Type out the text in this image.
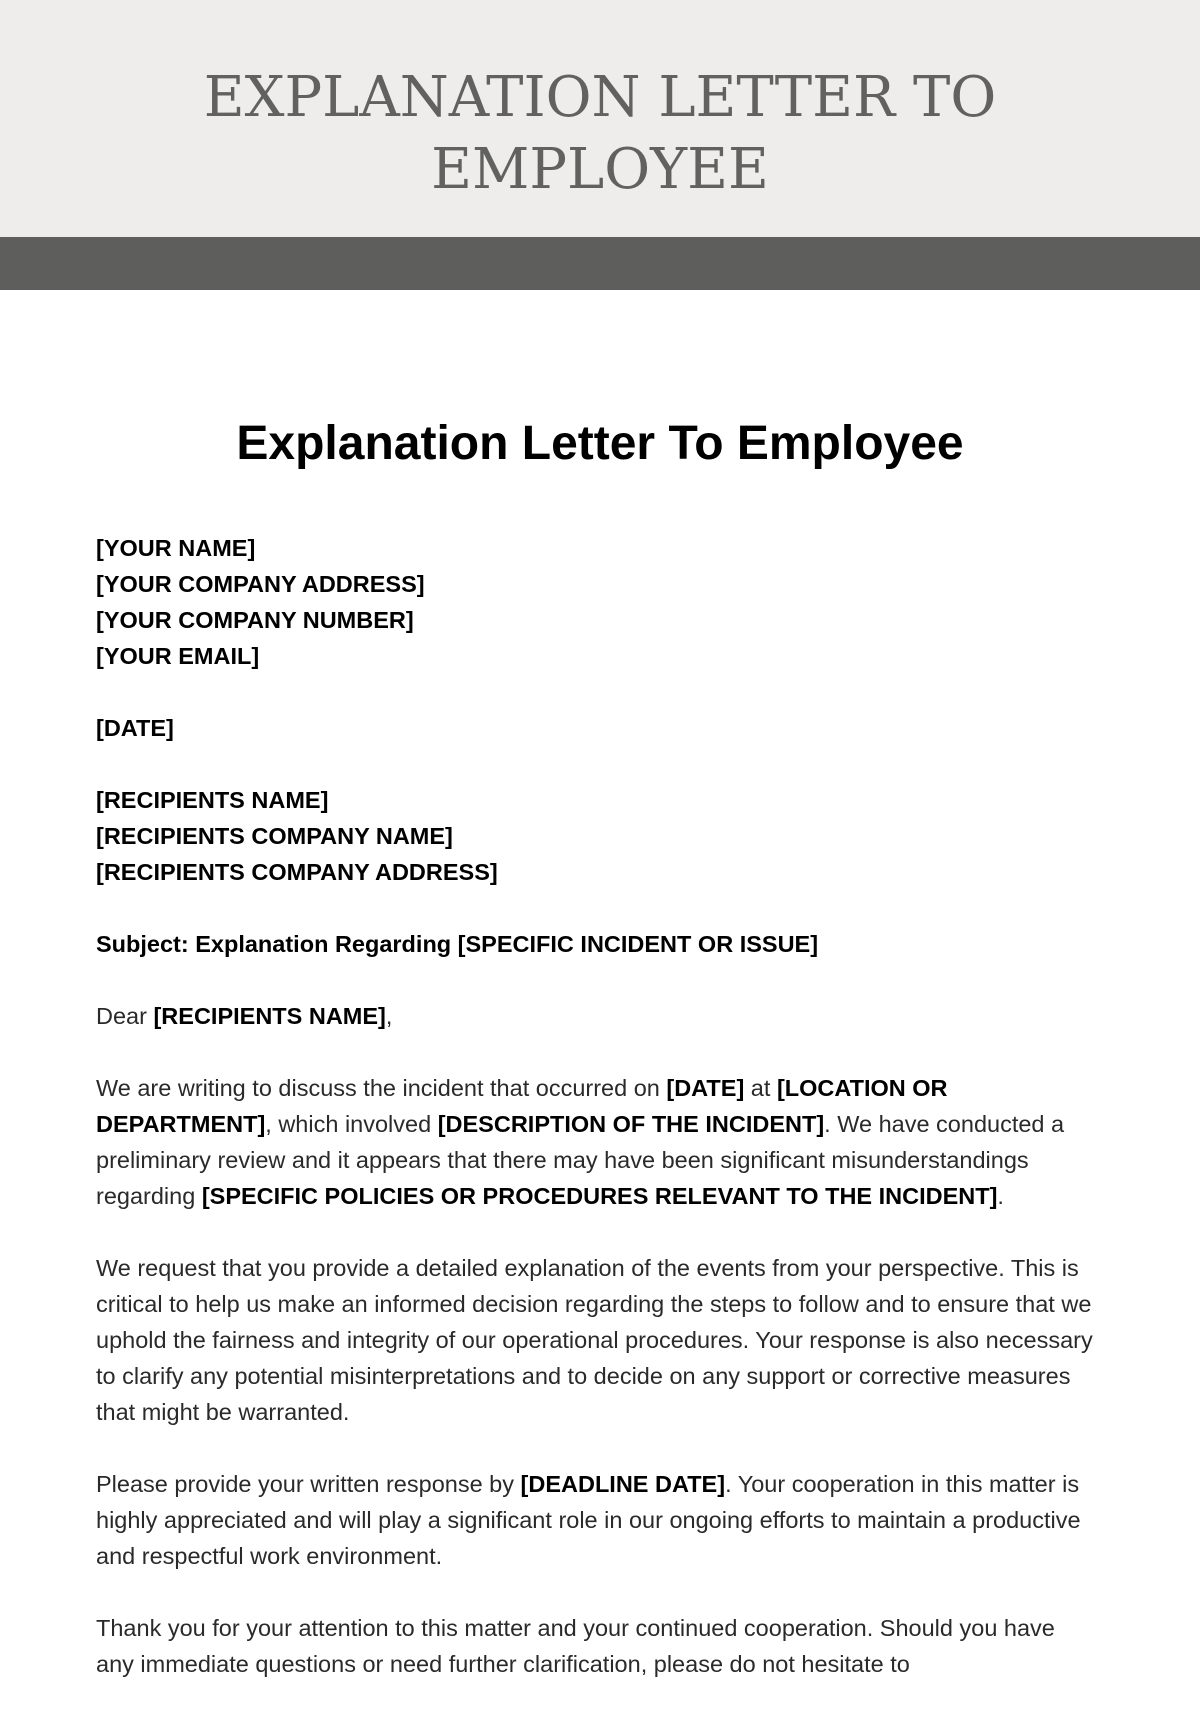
EXPLANATION LETTER TO
EMPLOYEE
Explanation Letter To Employee

[YOUR NAME]
[YOUR COMPANY ADDRESS]
[YOUR COMPANY NUMBER]
[YOUR EMAIL]

[DATE]

[RECIPIENTS NAME]
[RECIPIENTS COMPANY NAME]
[RECIPIENTS COMPANY ADDRESS]

Subject: Explanation Regarding [SPECIFIC INCIDENT OR ISSUE]

Dear [RECIPIENTS NAME],

We are writing to discuss the incident that occurred on [DATE] at [LOCATION OR DEPARTMENT], which involved [DESCRIPTION OF THE INCIDENT]. We have conducted a preliminary review and it appears that there may have been significant misunderstandings regarding [SPECIFIC POLICIES OR PROCEDURES RELEVANT TO THE INCIDENT].

We request that you provide a detailed explanation of the events from your perspective. This is critical to help us make an informed decision regarding the steps to follow and to ensure that we uphold the fairness and integrity of our operational procedures. Your response is also necessary to clarify any potential misinterpretations and to decide on any support or corrective measures that might be warranted.

Please provide your written response by [DEADLINE DATE]. Your cooperation in this matter is highly appreciated and will play a significant role in our ongoing efforts to maintain a productive and respectful work environment.

Thank you for your attention to this matter and your continued cooperation. Should you have any immediate questions or need further clarification, please do not hesitate to
